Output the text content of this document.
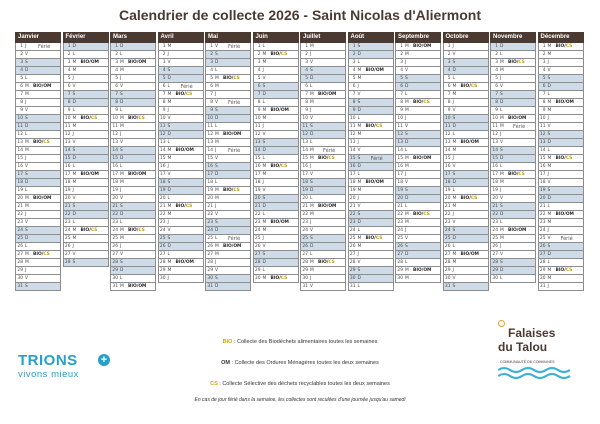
Calendrier de collecte 2026 - Saint Nicolas d'Aliermont
Janvier
1 J	Férié
2 V
3 S
4 D
5 L
6 M BIO/OM
7 M
8 J
9 V
10 S
11 D
12 L
13 M BIO/CS
14 M
15 J
16 V
17 S
18 D
19 L
20 M BIO/OM
21 M
22 J
23 V
24 S
25 D
26 L
27 M BIO/CS
28 M
29 J
30 V
31 S
Février
1 D
2 L
3 M BIO/OM
4 M
5 J
6 V
7 S
8 D
9 L
10 M BIO/CS
11 M
12 J
13 V
14 S
15 D
16 L
17 M BIO/OM
18 M
19 J
20 V
21 S
22 D
23 L
24 M BIO/CS
25 M
26 J
27 V
28 S
Mars
1 D
2 L
3 M BIO/OM
4 M
5 J
6 V
7 S
8 D
9 L
10 M BIO/CS
11 M
12 J
13 V
14 S
15 D
16 L
17 M BIO/OM
18 M
19 J
20 V
21 S
22 D
23 L
24 M BIO/CS
25 M
26 J
27 V
28 S
29 D
30 L
31 M BIO/OM
Avril
1 M
2 J
3 V
4 S
5 D
6 L	Férié
7 M BIO/CS
8 M
9 J
10 V
11 S
12 D
13 L
14 M BIO/OM
15 M
16 J
17 V
18 S
19 D
20 L
21 M BIO/CS
22 M
23 J
24 V
25 S
26 D
27 L
28 M BIO/OM
29 M
30 J
Mai
1 V	Férié
2 S
3 D
4 L
5 M BIO/CS
6 M
7 J
8 V	Férié
9 S
10 D
11 L
12 M BIO/OM
13 M
14 J	Férié
15 V
16 S
17 D
18 L
19 M BIO/CS
20 M
21 J
22 V
23 S
24 D
25 L	Férié
26 M BIO/OM
27 M
28 J
29 V
30 S
31 D
Juin
1 L
2 M BIO/CS
3 M
4 J
5 V
6 S
7 D
8 L
9 M BIO/OM
10 M
11 J
12 V
13 S
14 D
15 L
16 M BIO/CS
17 M
18 J
19 V
20 S
21 D
22 L
23 M BIO/OM
24 M
25 J
26 V
27 S
28 D
29 L
30 M BIO/CS
Juillet
1 M
2 J
3 V
4 S
5 D
6 L
7 M BIO/OM
8 M
9 J
10 V
11 S
12 D
13 L
14 M	Férié
15 M BIO/CS
16 J
17 V
18 S
19 D
20 L
21 M BIO/OM
22 M
23 J
24 V
25 S
26 D
27 L
28 M BIO/CS
29 M
30 J
31 V
Août
1 S
2 D
3 L
4 M BIO/OM
5 M
6 J
7 V
8 S
9 D
10 L
11 M BIO/CS
12 M
13 J
14 V
15 S	Férié
16 D
17 L
18 M BIO/OM
19 M
20 J
21 V
22 S
23 D
24 L
25 M BIO/CS
26 M
27 J
28 V
29 S
30 D
31 L
Septembre
1 M BIO/OM
2 M
3 J
4 V
5 S
6 D
7 L
8 M BIO/CS
9 M
10 J
11 V
12 S
13 D
14 L
15 M BIO/OM
16 M
17 J
18 V
19 S
20 D
21 L
22 M BIO/CS
23 M
24 J
25 V
26 S
27 D
28 L
29 M BIO/OM
30 M
Octobre
1 J
2 V
3 S
4 D
5 L
6 M BIO/CS
7 M
8 J
9 V
10 S
11 D
12 L
13 M BIO/OM
14 M
15 J
16 V
17 S
18 D
19 L
20 M BIO/CS
21 M
22 J
23 V
24 S
25 D
26 L
27 M BIO/OM
28 M
29 J
30 V
31 S
Novembre
1 D
2 L
3 M BIO/CS
4 M
5 J
6 V
7 S
8 D
9 L
10 M BIO/OM
11 M	Férié
12 J
13 V
14 S
15 D
16 L
17 M BIO/CS
18 M
19 J
20 V
21 S
22 D
23 L
24 M BIO/OM
25 M
26 J
27 V
28 S
29 D
30 L
Décembre
1 M BIO/CS
2 M
3 J
4 V
5 S
6 D
7 L
8 M BIO/OM
9 M
10 J
11 V
12 S
13 D
14 L
15 M BIO/CS
16 M
17 J
18 V
19 S
20 D
21 L
22 M BIO/OM
23 M
24 J
25 V	Férié
26 S
27 D
28 L
29 M BIO/CS
30 M
31 J
BIO : Collecte des Biodéchets alimentaires toutes les semaines
OM : Collecte des Ordures Ménagères toutes les deux semaines
CS : Collecte Sélective des déchets recyclables toutes les deux semaines
En cas de jour férié dans la semaine, les collectes sont reculées d'une journée jusqu'au samedi
TRIONS +
vivons mieux
Falaises
du Talou
COMMUNAUTÉ DE COMMUNES
